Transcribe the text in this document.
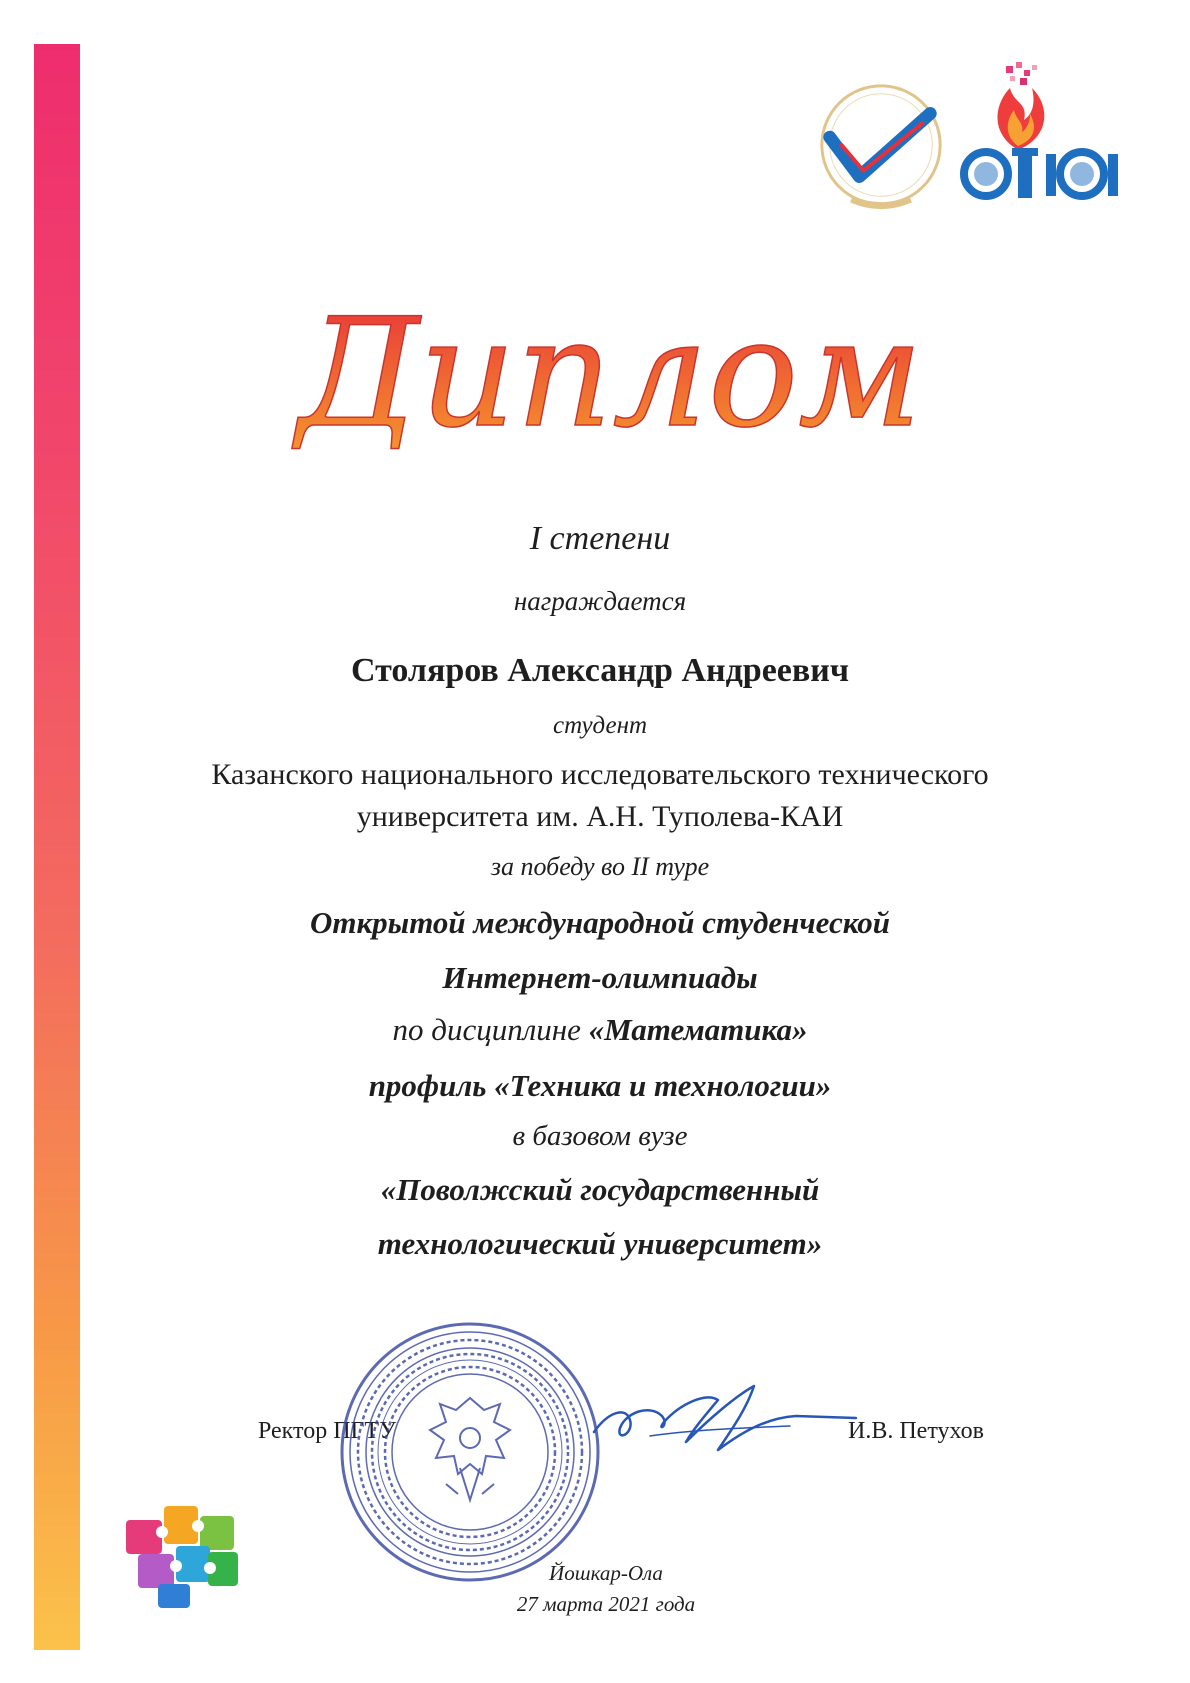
Диплом

I степени

награждается

Столяров Александр Андреевич

студент

Казанского национального исследовательского технического

университета им. А.Н. Туполева-КАИ

за победу во II туре

Открытой международной студенческой

Интернет-олимпиады

по дисциплине «Математика»

профиль «Техника и технологии»

в базовом вузе

«Поволжский государственный

технологический университет»

Ректор ПГТУ	И.В. Петухов

Йошкар-Ола

27 марта 2021 года
